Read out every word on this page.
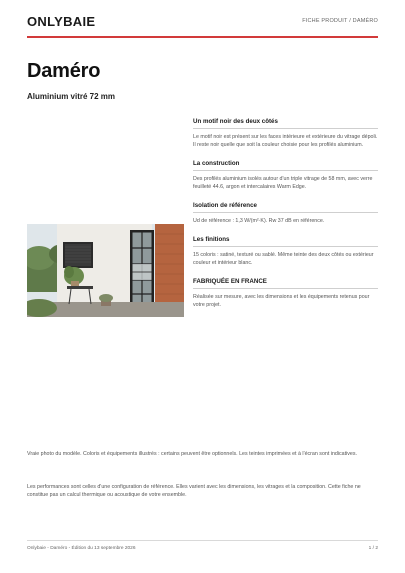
ONLYBAIE	FICHE PRODUIT / DAMÉRO
Daméro
Aluminium vitré 72 mm
Un motif noir des deux côtés
Le motif noir est présent sur les faces intérieure et extérieure du vitrage dépoli. Il reste noir quelle que soit la couleur choisie pour les profilés aluminium.
La construction
Des profilés aluminium isolés autour d'un triple vitrage de 58 mm, avec verre feuilleté 44.6, argon et intercalaires Warm Edge.
Isolation de référence
Ud de référence : 1,3 W/(m²·K). Rw 37 dB en référence.
Les finitions
15 coloris : satiné, texturé ou sablé. Même teinte des deux côtés ou extérieur couleur et intérieur blanc.
FABRIQUÉE EN FRANCE
Réalisée sur mesure, avec les dimensions et les équipements retenus pour votre projet.

Vraie photo du modèle. Coloris et équipements illustrés : certains peuvent être optionnels. Les teintes imprimées et à l'écran sont indicatives.

Les performances sont celles d'une configuration de référence. Elles varient avec les dimensions, les vitrages et la composition. Cette fiche ne constitue pas un calcul thermique ou acoustique de votre ensemble.

Onlybaie - Daméro - Édition du 13 septembre 2026	1 / 2
